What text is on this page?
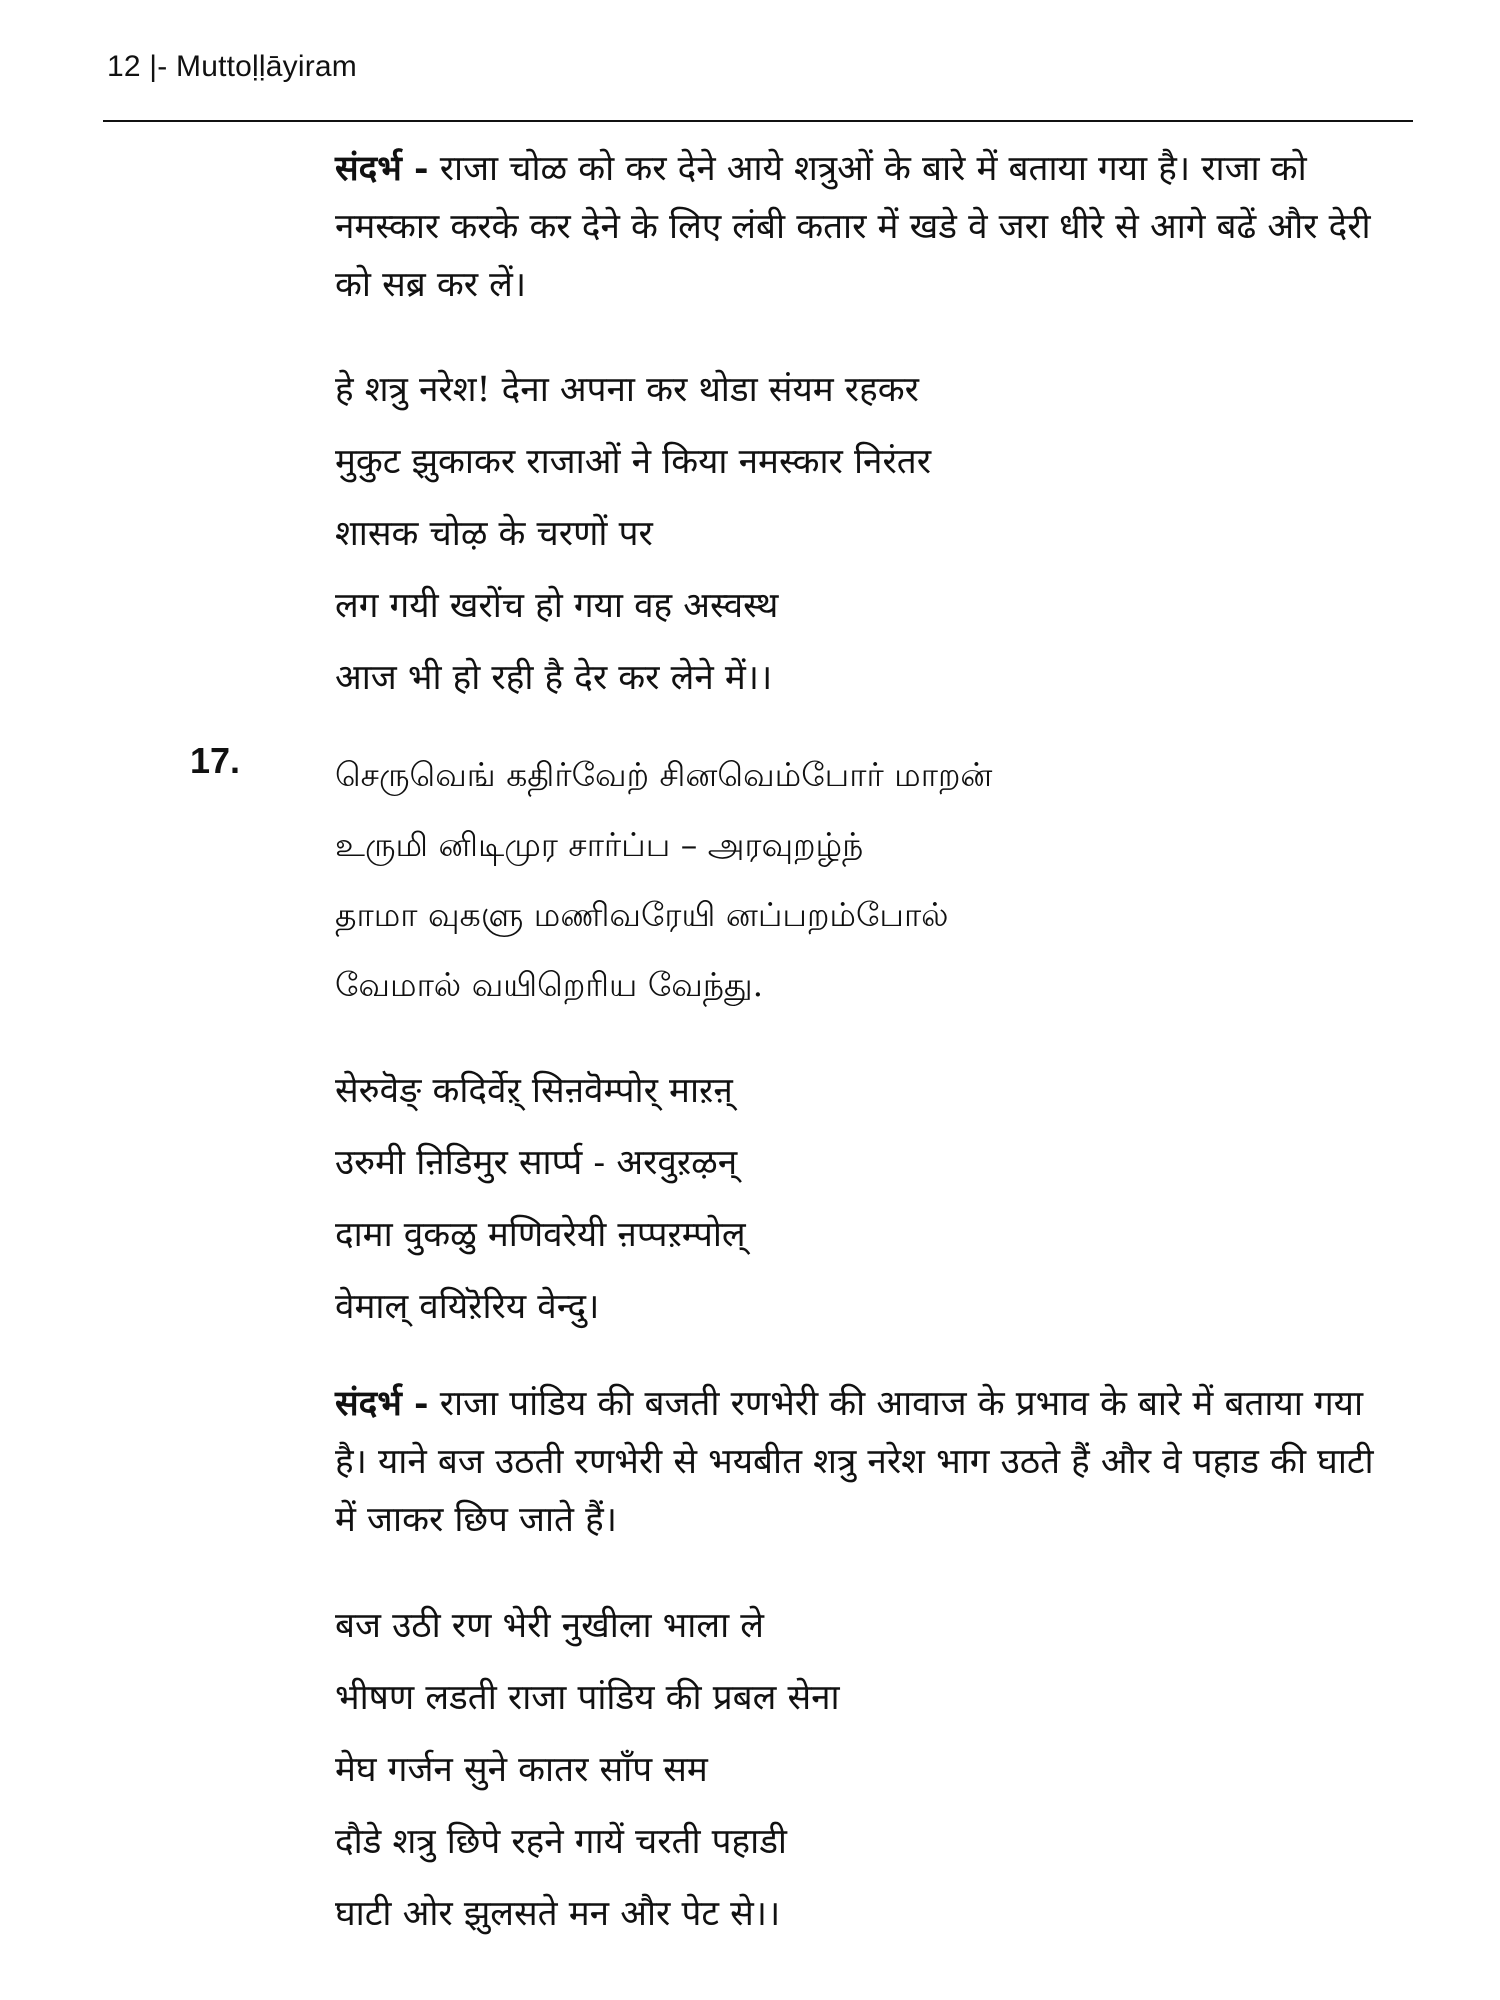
12 |- Muttoḷḷāyiram
संदर्भ - राजा चोळ को कर देने आये शत्रुओं के बारे में बताया गया है। राजा को नमस्कार करके कर देने के लिए लंबी कतार में खडे वे जरा धीरे से आगे बढें और देरी को सब्र कर लें।
हे शत्रु नरेश! देना अपना कर थोडा संयम रहकर
मुकुट झुकाकर राजाओं ने किया नमस्कार निरंतर
शासक चोऴ के चरणों पर
लग गयी खरोंच हो गया वह अस्वस्थ
आज भी हो रही है देर कर लेने में।।
17.	செருவெங் கதிர்வேற் சினவெம்போர் மாறன்
உருமி னிடிமுர சார்ப்ப – அரவுறழ்ந்
தாமா வுகளு மணிவரேயி னப்பறம்போல்
வேமால் வயிறெரிய வேந்து.
सेरुवॆङ् कदिर्वेऱ् सिऩवॆम्पोर् माऱऩ्
उरुमी ऩिडिमुर सार्प्प - अरवुऱऴन्
दामा वुकळु मणिवरेयी ऩप्पऱम्पोल्
वेमाल् वयिऱॆरिय वेन्दु।
संदर्भ - राजा पांडिय की बजती रणभेरी की आवाज के प्रभाव के बारे में बताया गया है। याने बज उठती रणभेरी से भयबीत शत्रु नरेश भाग उठते हैं और वे पहाड की घाटी में जाकर छिप जाते हैं।
बज उठी रण भेरी नुखीला भाला ले
भीषण लडती राजा पांडिय की प्रबल सेना
मेघ गर्जन सुने कातर साँप सम
दौडे शत्रु छिपे रहने गायें चरती पहाडी
घाटी ओर झुलसते मन और पेट से।।
